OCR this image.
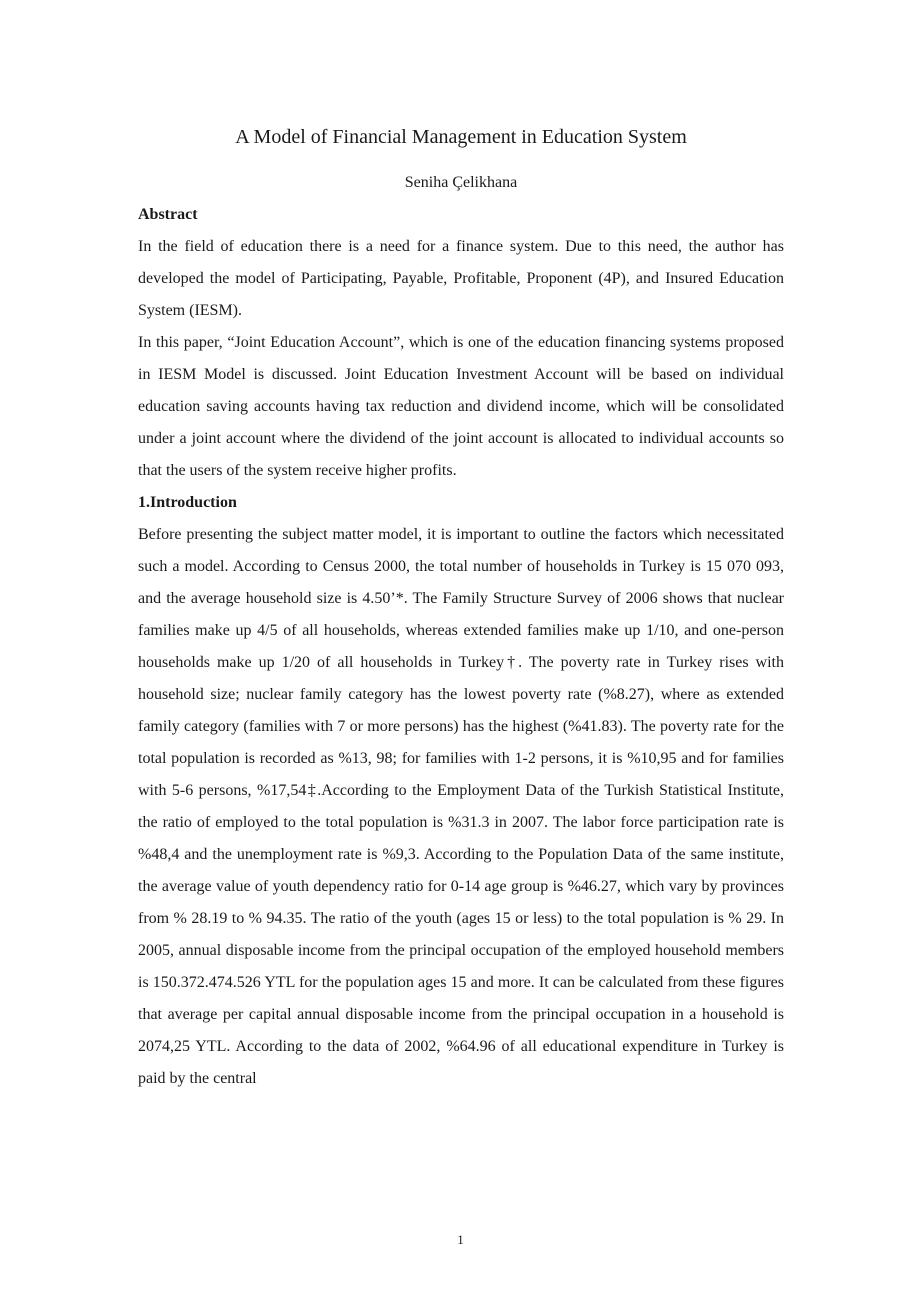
A Model of Financial Management in Education System
Seniha Çelikhana
Abstract

In the field of education there is a need for a finance system. Due to this need, the author has developed the model of Participating, Payable, Profitable, Proponent (4P), and Insured Education System (IESM).

In this paper, “Joint Education Account”, which is one of the education financing systems proposed in IESM Model is discussed. Joint Education Investment Account will be based on individual education saving accounts having tax reduction and dividend income, which will be consolidated under a joint account where the dividend of the joint account is allocated to individual accounts so that the users of the system receive higher profits.

1.Introduction

Before presenting the subject matter model, it is important to outline the factors which necessitated such a model. According to Census 2000, the total number of households in Turkey is 15 070 093, and the average household size is 4.50’*. The Family Structure Survey of 2006 shows that nuclear families make up 4/5 of all households, whereas extended families make up 1/10, and one-person households make up 1/20 of all households in Turkey†. The poverty rate in Turkey rises with household size; nuclear family category has the lowest poverty rate (%8.27), where as extended family category (families with 7 or more persons) has the highest (%41.83). The poverty rate for the total population is recorded as %13, 98; for families with 1-2 persons, it is %10,95 and for families with 5-6 persons, %17,54‡.According to the Employment Data of the Turkish Statistical Institute, the ratio of employed to the total population is %31.3 in 2007. The labor force participation rate is %48,4 and the unemployment rate is %9,3. According to the Population Data of the same institute, the average value of youth dependency ratio for 0-14 age group is %46.27, which vary by provinces from % 28.19 to % 94.35. The ratio of the youth (ages 15 or less) to the total population is % 29. In 2005, annual disposable income from the principal occupation of the employed household members is 150.372.474.526 YTL for the population ages 15 and more. It can be calculated from these figures that average per capital annual disposable income from the principal occupation in a household is 2074,25 YTL. According to the data of 2002, %64.96 of all educational expenditure in Turkey is paid by the central

1
